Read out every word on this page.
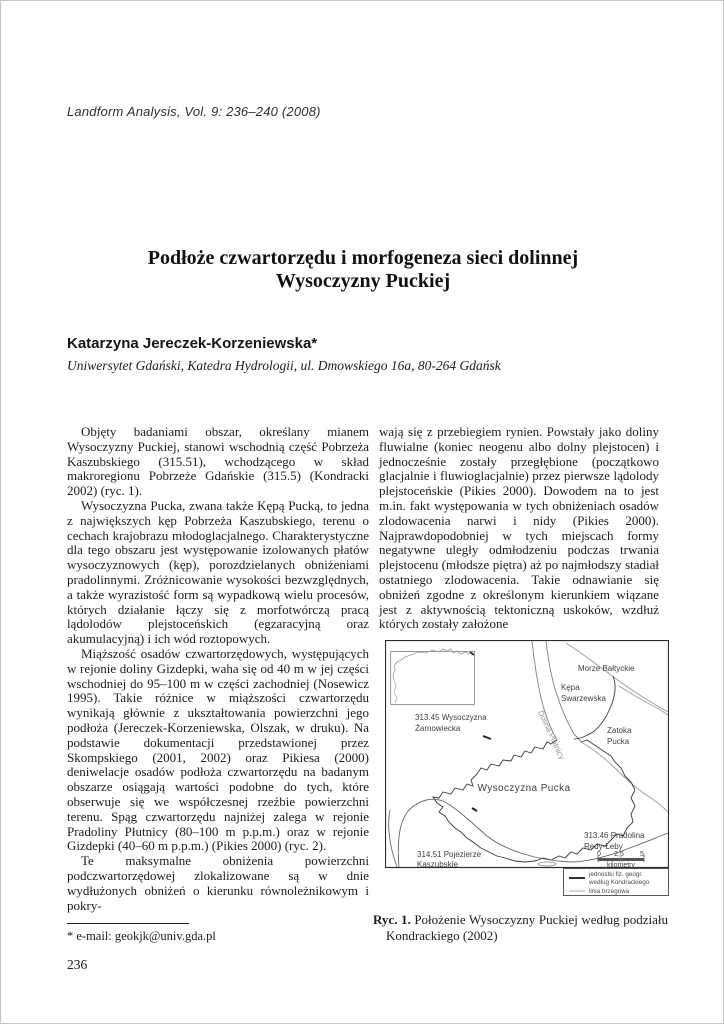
Landform Analysis, Vol. 9: 236–240 (2008)
Podłoże czwartorzędu i morfogeneza sieci dolinnej
Wysoczyzny Puckiej
Katarzyna Jereczek-Korzeniewska*
Uniwersytet Gdański, Katedra Hydrologii, ul. Dmowskiego 16a, 80-264 Gdańsk

Objęty badaniami obszar, określany mianem Wysoczyzny Puckiej, stanowi wschodnią część Pobrzeża Kaszubskiego (315.51), wchodzącego w skład makroregionu Pobrzeże Gdańskie (315.5) (Kondracki 2002) (ryc. 1).

Wysoczyzna Pucka, zwana także Kępą Pucką, to jedna z największych kęp Pobrzeża Kaszubskiego, terenu o cechach krajobrazu młodoglacjalnego. Charakterystyczne dla tego obszaru jest występowanie izolowanych płatów wysoczyznowych (kęp), porozdzielanych obniżeniami pradolinnymi. Zróżnicowanie wysokości bezwzględnych, a także wyrazistość form są wypadkową wielu procesów, których działanie łączy się z morfotwórczą pracą lądolodów plejstoceńskich (egzaracyjną oraz akumulacyjną) i ich wód roztopowych.

Miąższość osadów czwartorzędowych, występujących w rejonie doliny Gizdepki, waha się od 40 m w jej części wschodniej do 95–100 m w części zachodniej (Nosewicz 1995). Takie różnice w miąższości czwartorzędu wynikają głównie z ukształtowania powierzchni jego podłoża (Jereczek-Korzeniewska, Olszak, w druku). Na podstawie dokumentacji przedstawionej przez Skompskiego (2001, 2002) oraz Pikiesa (2000) deniwelacje osadów podłoża czwartorzędu na badanym obszarze osiągają wartości podobne do tych, które obserwuje się we współczesnej rzeźbie powierzchni terenu. Spąg czwartorzędu najniżej zalega w rejonie Pradoliny Płutnicy (80–100 m p.p.m.) oraz w rejonie Gizdepki (40–60 m p.p.m.) (Pikies 2000) (ryc. 2).

Te maksymalne obniżenia powierzchni podczwartorzędowej zlokalizowane są w dnie wydłużonych obniżeń o kierunku równoleżnikowym i pokry-

wają się z przebiegiem rynien. Powstały jako doliny fluwialne (koniec neogenu albo dolny plejstocen) i jednocześnie zostały przegłębione (początkowo glacjalnie i fluwioglacjalnie) przez pierwsze lądolody plejstoceńskie (Pikies 2000). Dowodem na to jest m.in. fakt występowania w tych obniżeniach osadów zlodowacenia narwi i nidy (Pikies 2000). Najprawdopodobniej w tych miejscach formy negatywne uległy odmłodzeniu podczas trwania plejstocenu (młodsze piętra) aż po najmłodszy stadiał ostatniego zlodowacenia. Takie odnawianie się obniżeń zgodne z określonym kierunkiem wiązane jest z aktywnością tektoniczną uskoków, wzdłuż których zostały założone

Morze Bałtyckie
Kępa
Swarzewska
Zatoka
Pucka
313.45 Wysoczyzna
Żarnowiecka
Wysoczyzna Pucka
Dolina Płutnicy
313.46 Pradolina
Redy-Łeby
314.51 Pojezierze
Kaszubskie
0 2,5 5
kilometry
jednostki fiz. geogr.
według Kondrackiego
linia brzegowa
Ryc. 1. Położenie Wysoczyzny Puckiej według podziału Kondrackiego (2002)
* e-mail: geokjk@univ.gda.pl
236
